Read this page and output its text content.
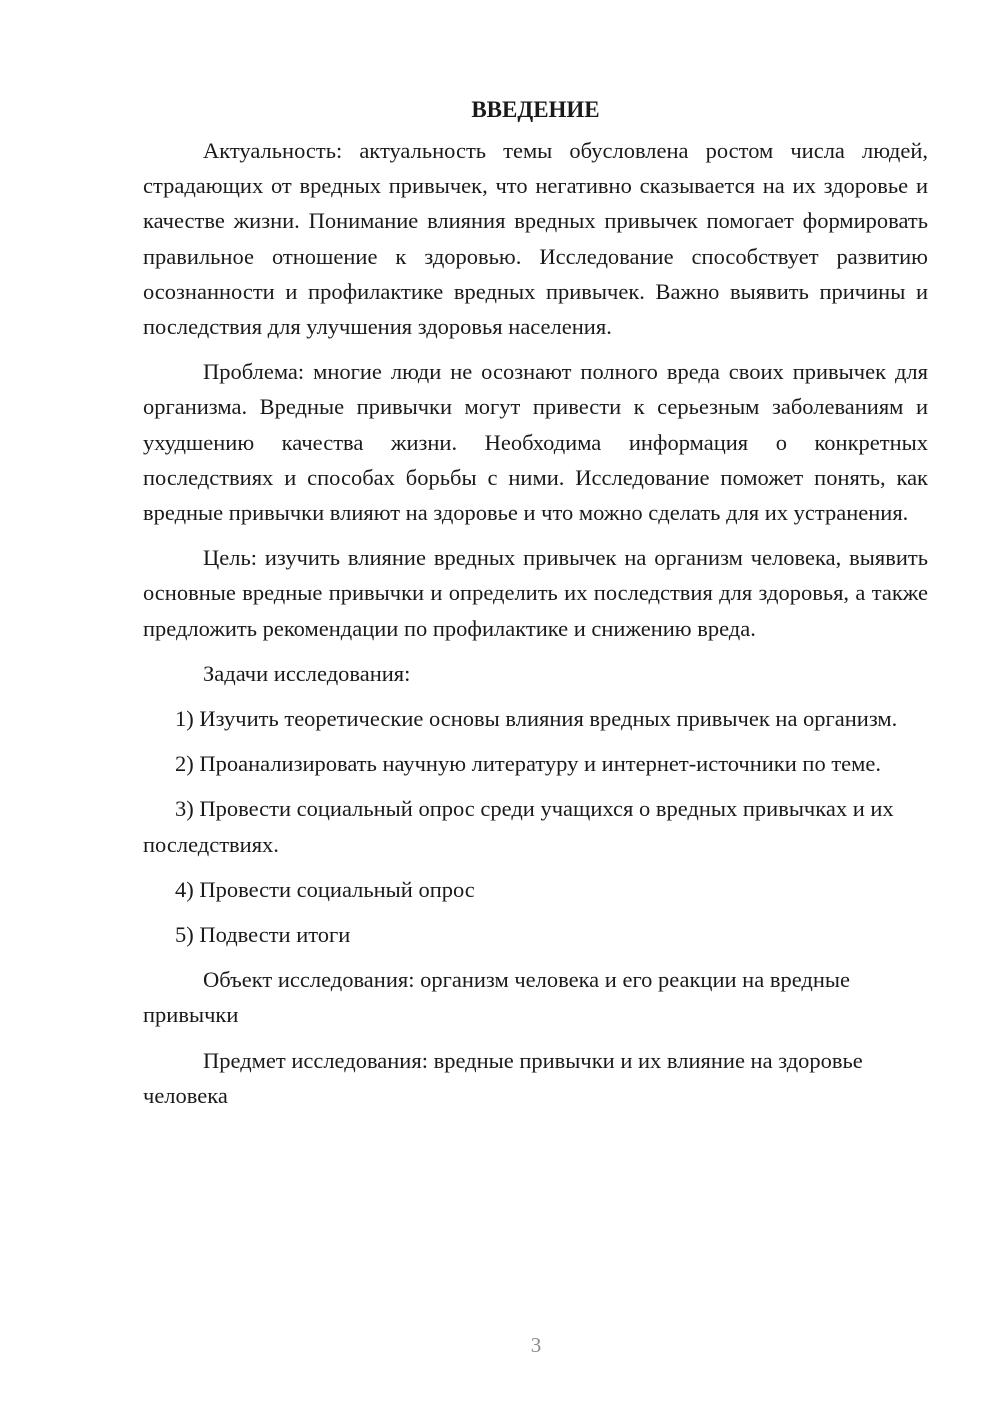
ВВЕДЕНИЕ

Актуальность: актуальность темы обусловлена ростом числа людей, страдающих от вредных привычек, что негативно сказывается на их здоровье и качестве жизни. Понимание влияния вредных привычек помогает формировать правильное отношение к здоровью. Исследование способствует развитию осознанности и профилактике вредных привычек. Важно выявить причины и последствия для улучшения здоровья населения.

Проблема: многие люди не осознают полного вреда своих привычек для организма. Вредные привычки могут привести к серьезным заболеваниям и ухудшению качества жизни. Необходима информация о конкретных последствиях и способах борьбы с ними. Исследование поможет понять, как вредные привычки влияют на здоровье и что можно сделать для их устранения.

Цель: изучить влияние вредных привычек на организм человека, выявить основные вредные привычки и определить их последствия для здоровья, а также предложить рекомендации по профилактике и снижению вреда.

Задачи исследования:

1) Изучить теоретические основы влияния вредных привычек на организм.

2) Проанализировать научную литературу и интернет-источники по теме.

3) Провести социальный опрос среди учащихся о вредных привычках и их последствиях.

4) Провести социальный опрос

5) Подвести итоги

Объект исследования: организм человека и его реакции на вредные привычки

Предмет исследования: вредные привычки и их влияние на здоровье человека

3
